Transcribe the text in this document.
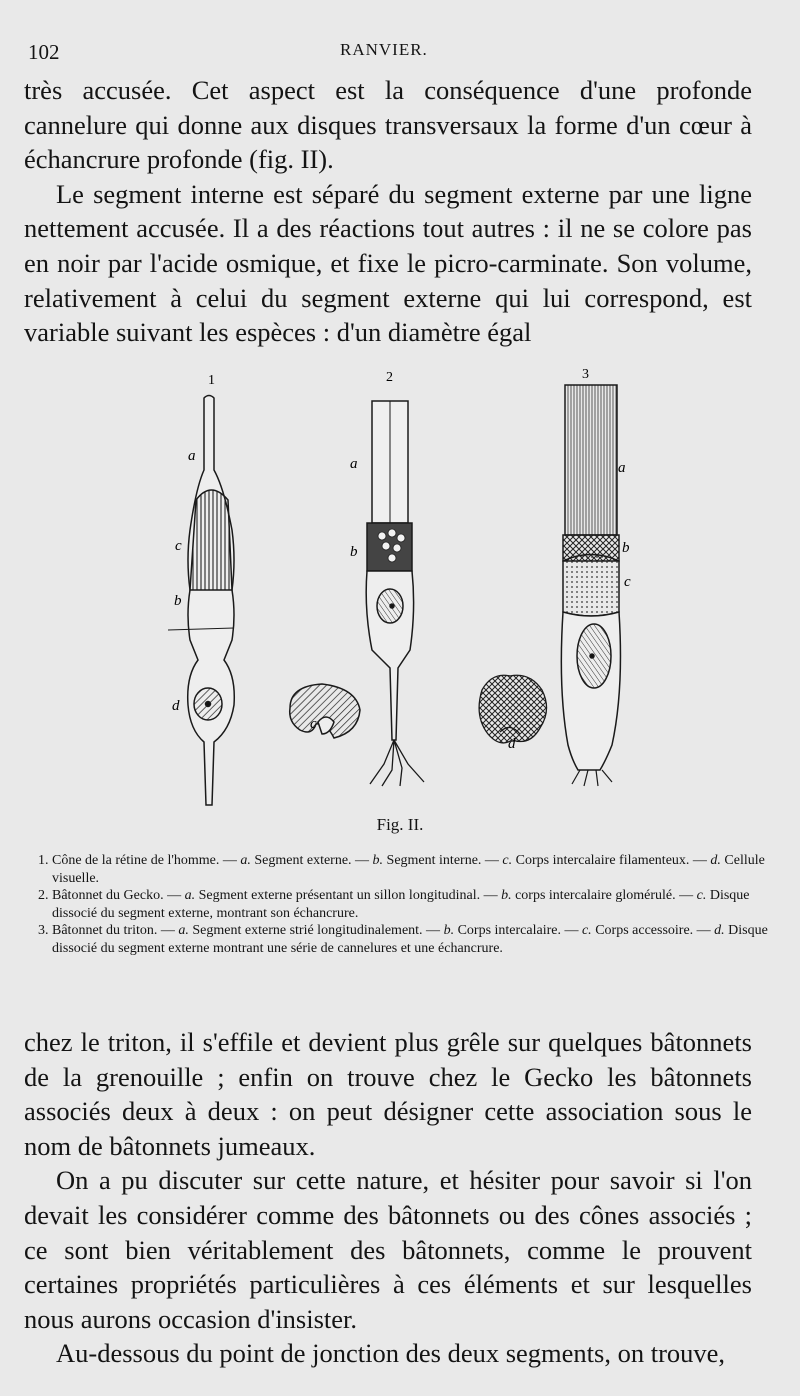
102	RANVIER.

très accusée. Cet aspect est la conséquence d'une profonde cannelure qui donne aux disques transversaux la forme d'un cœur à échancrure profonde (fig. II).

Le segment interne est séparé du segment externe par une ligne nettement accusée. Il a des réactions tout autres : il ne se colore pas en noir par l'acide osmique, et fixe le picro-carminate. Son volume, relativement à celui du segment externe qui lui correspond, est variable suivant les espèces : d'un diamètre égal

1	2	3
a
c
b
d
c
a
b
a
b
c
d
Fig. II.

1. Cône de la rétine de l'homme. — a. Segment externe. — b. Segment interne. — c. Corps intercalaire filamenteux. — d. Cellule visuelle.

2. Bâtonnet du Gecko. — a. Segment externe présentant un sillon longitudinal. — b. corps intercalaire glomérulé. — c. Disque dissocié du segment externe, montrant son échancrure.

3. Bâtonnet du triton. — a. Segment externe strié longitudinalement. — b. Corps intercalaire. — c. Corps accessoire. — d. Disque dissocié du segment externe montrant une série de cannelures et une échancrure.

chez le triton, il s'effile et devient plus grêle sur quelques bâtonnets de la grenouille ; enfin on trouve chez le Gecko les bâtonnets associés deux à deux : on peut désigner cette association sous le nom de bâtonnets jumeaux.

On a pu discuter sur cette nature, et hésiter pour savoir si l'on devait les considérer comme des bâtonnets ou des cônes associés ; ce sont bien véritablement des bâtonnets, comme le prouvent certaines propriétés particulières à ces éléments et sur lesquelles nous aurons occasion d'insister.

Au-dessous du point de jonction des deux segments, on trouve,
